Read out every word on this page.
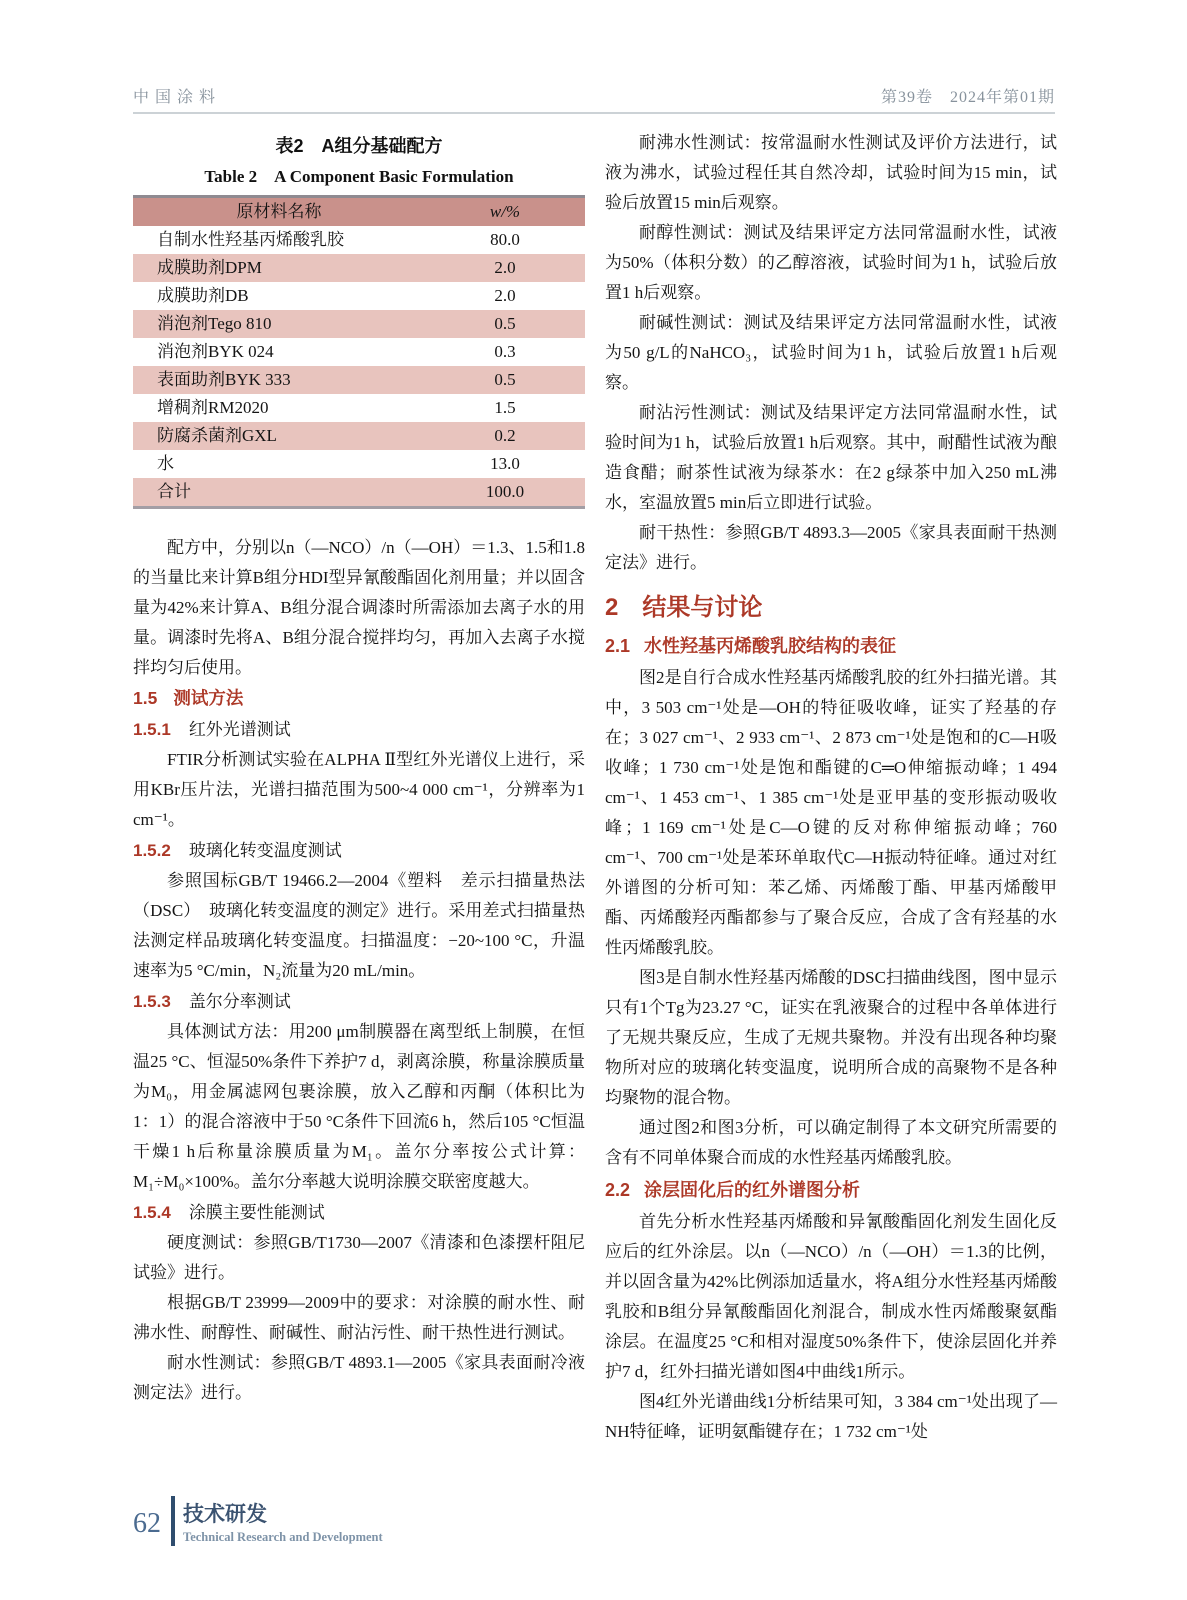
中国涂料	第39卷　2024年第01期
表2　A组分基础配方
Table 2　A Component Basic Formulation
原材料名称	w/%
自制水性羟基丙烯酸乳胶	80.0
成膜助剂DPM	2.0
成膜助剂DB	2.0
消泡剂Tego 810	0.5
消泡剂BYK 024	0.3
表面助剂BYK 333	0.5
增稠剂RM2020	1.5
防腐杀菌剂GXL	0.2
水	13.0
合计	100.0

配方中，分别以n（—NCO）/n（—OH）＝1.3、1.5和1.8的当量比来计算B组分HDI型异氰酸酯固化剂用量；并以固含量为42%来计算A、B组分混合调漆时所需添加去离子水的用量。调漆时先将A、B组分混合搅拌均匀，再加入去离子水搅拌均匀后使用。

1.5 测试方法
1.5.1 红外光谱测试

FTIR分析测试实验在ALPHA Ⅱ型红外光谱仪上进行，采用KBr压片法，光谱扫描范围为500~4 000 cm⁻¹，分辨率为1 cm⁻¹。

1.5.2 玻璃化转变温度测试

参照国标GB/T 19466.2—2004《塑料　差示扫描量热法（DSC）　玻璃化转变温度的测定》进行。采用差式扫描量热法测定样品玻璃化转变温度。扫描温度：−20~100 °C，升温速率为5 °C/min，N₂流量为20 mL/min。

1.5.3 盖尔分率测试

具体测试方法：用200 μm制膜器在离型纸上制膜，在恒温25 °C、恒湿50%条件下养护7 d，剥离涂膜，称量涂膜质量为M₀，用金属滤网包裹涂膜，放入乙醇和丙酮（体积比为1：1）的混合溶液中于50 °C条件下回流6 h，然后105 °C恒温干燥1 h后称量涂膜质量为M₁。盖尔分率按公式计算：M₁÷M₀×100%。盖尔分率越大说明涂膜交联密度越大。

1.5.4 涂膜主要性能测试

硬度测试：参照GB/T1730—2007《清漆和色漆摆杆阻尼试验》进行。

根据GB/T 23999—2009中的要求：对涂膜的耐水性、耐沸水性、耐醇性、耐碱性、耐沾污性、耐干热性进行测试。

耐水性测试：参照GB/T 4893.1—2005《家具表面耐冷液测定法》进行。

耐沸水性测试：按常温耐水性测试及评价方法进行，试液为沸水，试验过程任其自然冷却，试验时间为15 min，试验后放置15 min后观察。

耐醇性测试：测试及结果评定方法同常温耐水性，试液为50%（体积分数）的乙醇溶液，试验时间为1 h，试验后放置1 h后观察。

耐碱性测试：测试及结果评定方法同常温耐水性，试液为50 g/L的NaHCO₃，试验时间为1 h，试验后放置1 h后观察。

耐沾污性测试：测试及结果评定方法同常温耐水性，试验时间为1 h，试验后放置1 h后观察。其中，耐醋性试液为酿造食醋；耐茶性试液为绿茶水：在2 g绿茶中加入250 mL沸水，室温放置5 min后立即进行试验。

耐干热性：参照GB/T 4893.3—2005《家具表面耐干热测定法》进行。

2 结果与讨论
2.1 水性羟基丙烯酸乳胶结构的表征

图2是自行合成水性羟基丙烯酸乳胶的红外扫描光谱。其中，3 503 cm⁻¹处是—OH的特征吸收峰，证实了羟基的存在；3 027 cm⁻¹、2 933 cm⁻¹、2 873 cm⁻¹处是饱和的C—H吸收峰；1 730 cm⁻¹处是饱和酯键的C═O伸缩振动峰；1 494 cm⁻¹、1 453 cm⁻¹、1 385 cm⁻¹处是亚甲基的变形振动吸收峰；1 169 cm⁻¹处是C—O键的反对称伸缩振动峰；760 cm⁻¹、700 cm⁻¹处是苯环单取代C—H振动特征峰。通过对红外谱图的分析可知：苯乙烯、丙烯酸丁酯、甲基丙烯酸甲酯、丙烯酸羟丙酯都参与了聚合反应，合成了含有羟基的水性丙烯酸乳胶。

图3是自制水性羟基丙烯酸的DSC扫描曲线图，图中显示只有1个Tg为23.27 °C，证实在乳液聚合的过程中各单体进行了无规共聚反应，生成了无规共聚物。并没有出现各种均聚物所对应的玻璃化转变温度，说明所合成的高聚物不是各种均聚物的混合物。

通过图2和图3分析，可以确定制得了本文研究所需要的含有不同单体聚合而成的水性羟基丙烯酸乳胶。

2.2 涂层固化后的红外谱图分析

首先分析水性羟基丙烯酸和异氰酸酯固化剂发生固化反应后的红外涂层。以n（—NCO）/n（—OH）＝1.3的比例，并以固含量为42%比例添加适量水，将A组分水性羟基丙烯酸乳胶和B组分异氰酸酯固化剂混合，制成水性丙烯酸聚氨酯涂层。在温度25 °C和相对湿度50%条件下，使涂层固化并养护7 d，红外扫描光谱如图4中曲线1所示。

图4红外光谱曲线1分析结果可知，3 384 cm⁻¹处出现了—NH特征峰，证明氨酯键存在；1 732 cm⁻¹处

62 技术研发
Technical Research and Development
